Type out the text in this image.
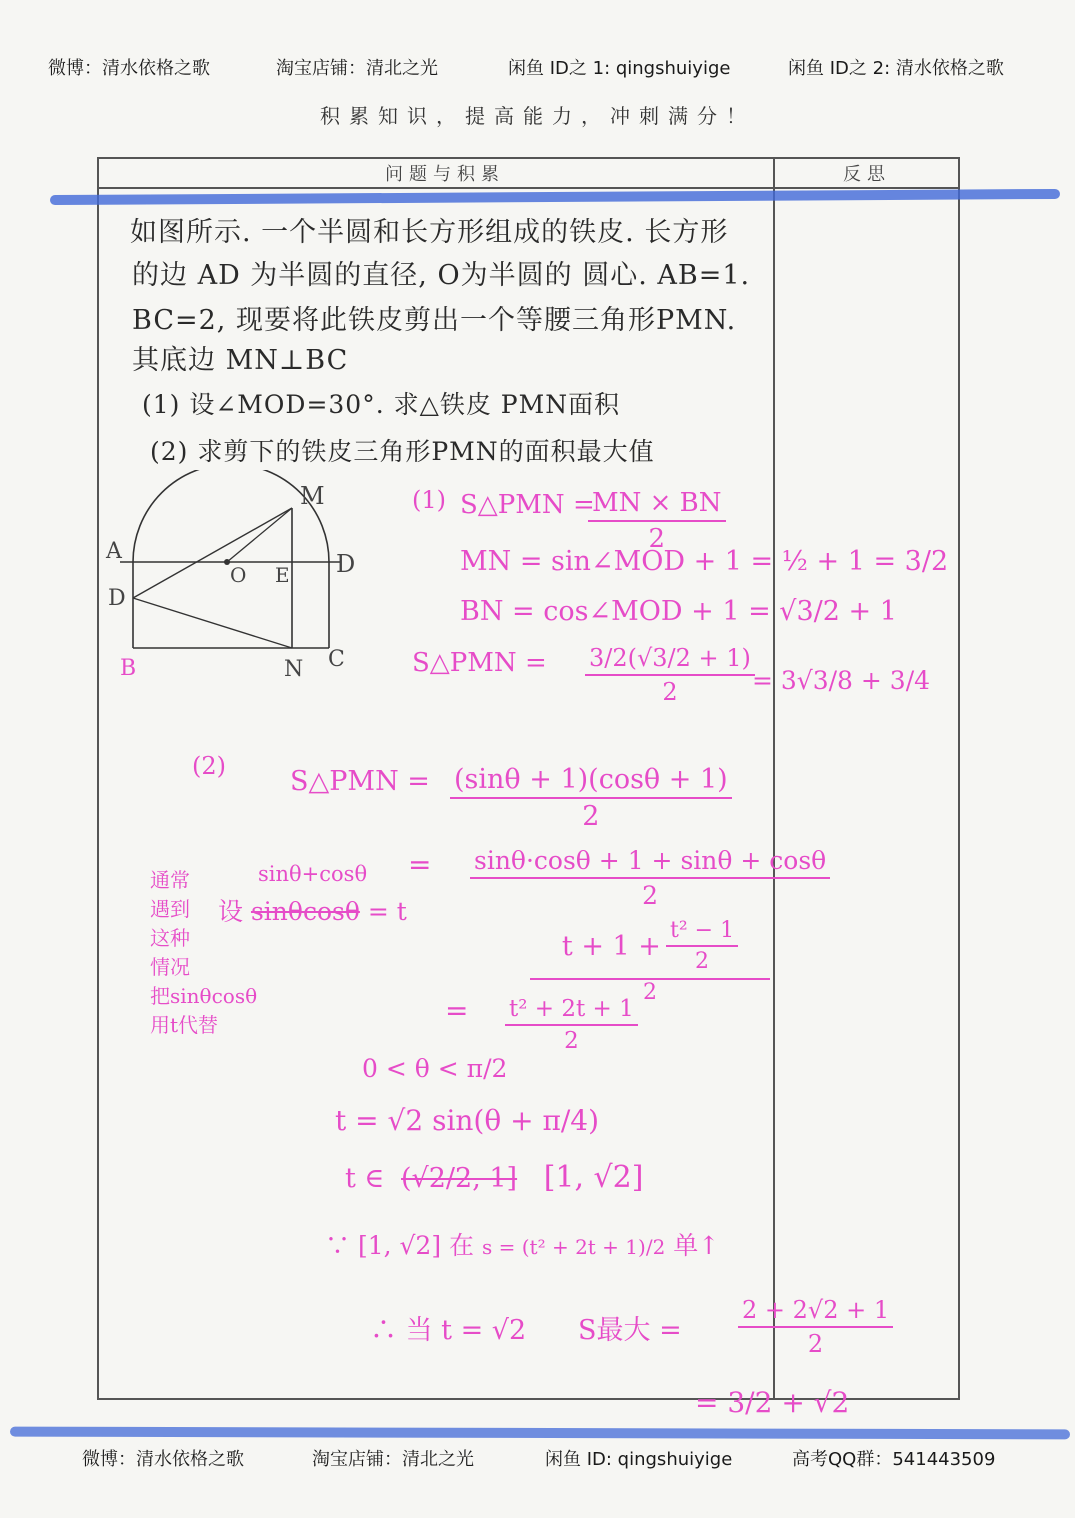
微博：清水依格之歌	淘宝店铺：清北之光	闲鱼 ID之 1: qingshuiyige	闲鱼 ID之 2: 清水依格之歌
积累知识，提高能力，冲刺满分！
问题与积累	反思
如图所示. 一个半圆和长方形组成的铁皮. 长方形
的边 AD 为半圆的直径, O为半圆的 圆心. AB=1.
BC=2, 现要将此铁皮剪出一个等腰三角形PMN.
其底边 MN⊥BC
(1) 设∠MOD=30°. 求△铁皮 PMN面积
(2) 求剪下的铁皮三角形PMN的面积最大值
A
D
B
O E D
M
N C
(1) S△PMN =
$\frac{MN \times BN}{2}$
MN = sin∠MOD + 1 = ½ + 1 = 3/2
BN = cos∠MOD + 1 = √3/2 + 1
S△PMN = $\frac{3/2(√3/2 + 1)}{2}$
= 3√3/8 + 3/4
(2) S△PMN = $\frac{(\sin\theta + 1)(\cos\theta + 1)}{2}$
= $\frac{\sin\theta\cdot\cos\theta + 1 + \sin\theta + \cos\theta}{2}$
sinθ+cosθ
设 sinθcosθ = t
通常
遇到
这种
情况
把sinθcosθ
用t代替
$t + 1 + \frac{\text{t² − 1}}{2}$
2
= $\frac{\text{t² + 2t + 1}}{2}$
0 < θ < π/2
t = √2 sin(θ + π/4)
t ∈ (√2/2, 1] [1, √2]
∵ [1, √2] 在 s = (t² + 2t + 1)/2 单↑
∴ 当 t = √2 S最大 = $\frac{2 + 2√2 + 1}{2}$
= 3/2 + √2
微博：清水依格之歌	淘宝店铺：清北之光	闲鱼 ID: qingshuiyige	高考QQ群：541443509
